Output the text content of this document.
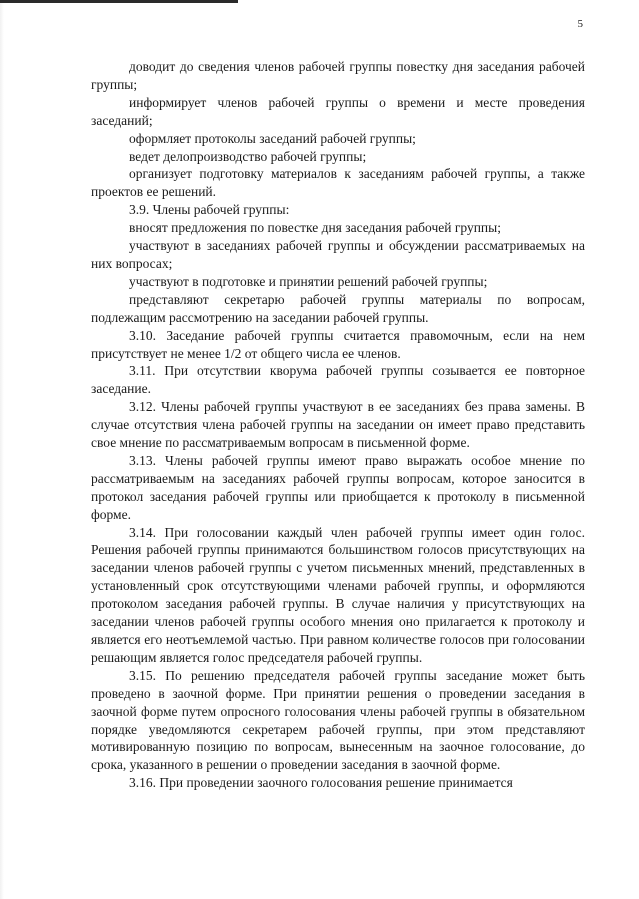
5

доводит до сведения членов рабочей группы повестку дня заседания рабочей группы;

информирует членов рабочей группы о времени и месте проведения заседаний;

оформляет протоколы заседаний рабочей группы;

ведет делопроизводство рабочей группы;

организует подготовку материалов к заседаниям рабочей группы, а также проектов ее решений.

3.9. Члены рабочей группы:

вносят предложения по повестке дня заседания рабочей группы;

участвуют в заседаниях рабочей группы и обсуждении рассматриваемых на них вопросах;

участвуют в подготовке и принятии решений рабочей группы;

представляют секретарю рабочей группы материалы по вопросам, подлежащим рассмотрению на заседании рабочей группы.

3.10. Заседание рабочей группы считается правомочным, если на нем присутствует не менее 1/2 от общего числа ее членов.

3.11. При отсутствии кворума рабочей группы созывается ее повторное заседание.

3.12. Члены рабочей группы участвуют в ее заседаниях без права замены. В случае отсутствия члена рабочей группы на заседании он имеет право представить свое мнение по рассматриваемым вопросам в письменной форме.

3.13. Члены рабочей группы имеют право выражать особое мнение по рассматриваемым на заседаниях рабочей группы вопросам, которое заносится в протокол заседания рабочей группы или приобщается к протоколу в письменной форме.

3.14. При голосовании каждый член рабочей группы имеет один голос. Решения рабочей группы принимаются большинством голосов присутствующих на заседании членов рабочей группы с учетом письменных мнений, представленных в установленный срок отсутствующими членами рабочей группы, и оформляются протоколом заседания рабочей группы. В случае наличия у присутствующих на заседании членов рабочей группы особого мнения оно прилагается к протоколу и является его неотъемлемой частью. При равном количестве голосов при голосовании решающим является голос председателя рабочей группы.

3.15. По решению председателя рабочей группы заседание может быть проведено в заочной форме. При принятии решения о проведении заседания в заочной форме путем опросного голосования члены рабочей группы в обязательном порядке уведомляются секретарем рабочей группы, при этом представляют мотивированную позицию по вопросам, вынесенным на заочное голосование, до срока, указанного в решении о проведении заседания в заочной форме.

3.16. При проведении заочного голосования решение принимается
